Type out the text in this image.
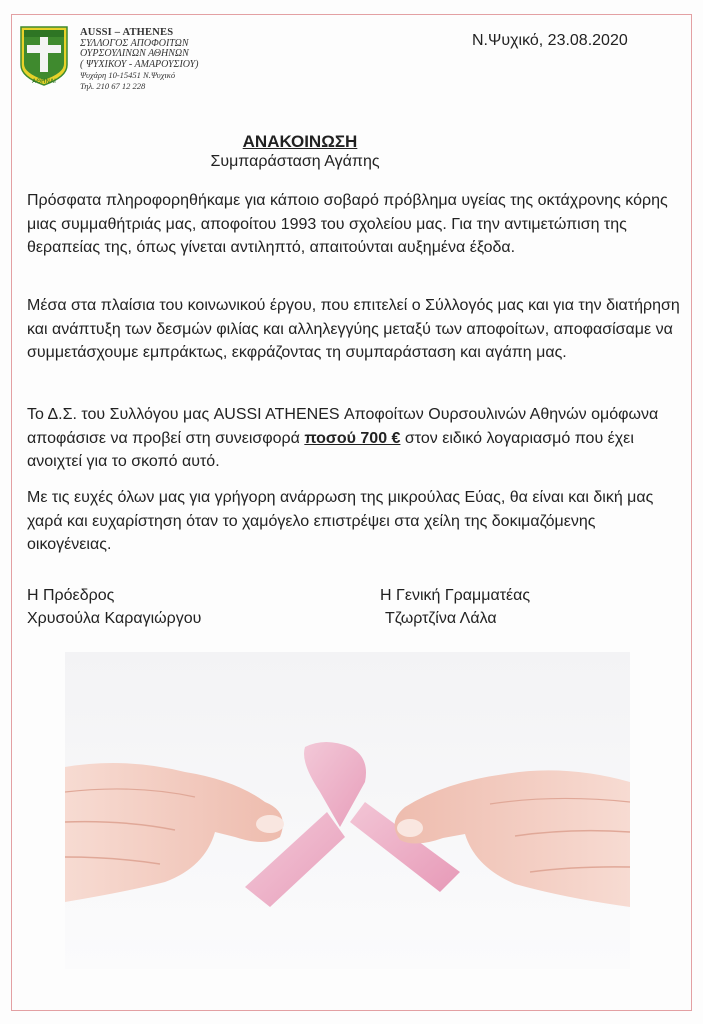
ΑΘΗΝΑΙ
AUSSI – ATHENES
ΣΥΛΛΟΓΟΣ ΑΠΟΦΟΙΤΩΝ
ΟΥΡΣΟΥΛΙΝΩΝ ΑΘΗΝΩΝ
( ΨΥΧΙΚΟΥ - ΑΜΑΡΟΥΣΙΟΥ)
Ψυχάρη 10-15451 Ν.Ψυχικό
Τηλ. 210 67 12 228
Ν.Ψυχικό, 23.08.2020
ΑΝΑΚΟΙΝΩΣΗ
Συμπαράσταση Αγάπης

Πρόσφατα πληροφορηθήκαμε για κάποιο σοβαρό πρόβλημα υγείας της οκτάχρονης κόρης μιας συμμαθήτριάς μας, αποφοίτου 1993 του σχολείου μας. Για την αντιμετώπιση της θεραπείας της, όπως γίνεται αντιληπτό, απαιτούνται αυξημένα έξοδα.

Μέσα στα πλαίσια του κοινωνικού έργου, που επιτελεί ο Σύλλογός μας και για την διατήρηση και ανάπτυξη των δεσμών φιλίας και αλληλεγγύης μεταξύ των αποφοίτων, αποφασίσαμε να συμμετάσχουμε εμπράκτως, εκφράζοντας τη συμπαράσταση και αγάπη μας.

Το Δ.Σ. του Συλλόγου μας AUSSI ATHENES Αποφοίτων Ουρσουλινών Αθηνών ομόφωνα αποφάσισε να προβεί στη συνεισφορά ποσού 700 € στον ειδικό λογαριασμό που έχει ανοιχτεί για το σκοπό αυτό.

Με τις ευχές όλων μας για γρήγορη ανάρρωση της μικρούλας Εύας, θα είναι και δική μας χαρά και ευχαρίστηση όταν το χαμόγελο επιστρέψει στα χείλη της δοκιμαζόμενης οικογένειας.

Η Πρόεδρος
Χρυσούλα Καραγιώργου
Η Γενική Γραμματέας
Τζωρτζίνα Λάλα
